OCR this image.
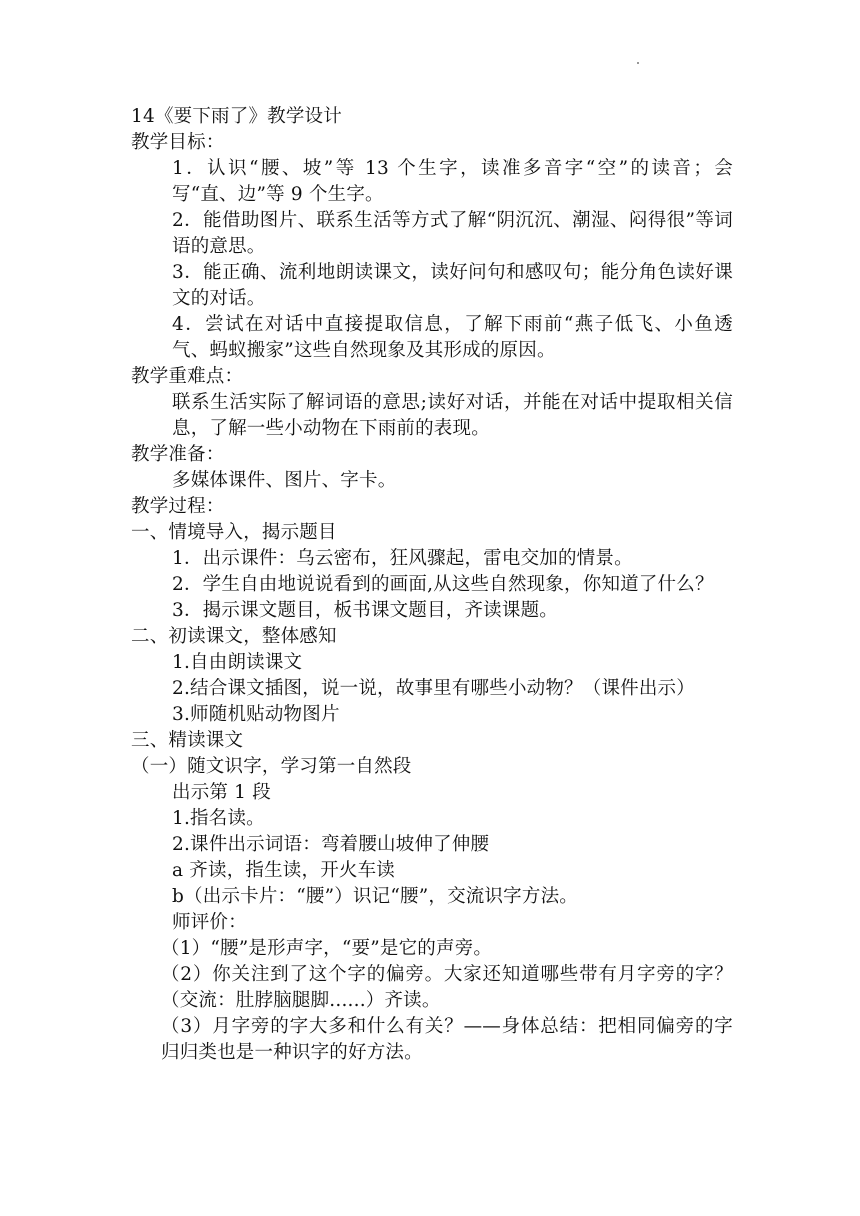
14《要下雨了》教学设计
教学目标：
1．认识“腰、坡”等 13 个生字，读准多音字“空”的读音；会写“直、边”等 9 个生字。
2．能借助图片、联系生活等方式了解“阴沉沉、潮湿、闷得很”等词语的意思。
3．能正确、流利地朗读课文，读好问句和感叹句；能分角色读好课文的对话。
4．尝试在对话中直接提取信息，了解下雨前“燕子低飞、小鱼透气、蚂蚁搬家”这些自然现象及其形成的原因。
教学重难点：
联系生活实际了解词语的意思;读好对话，并能在对话中提取相关信息，了解一些小动物在下雨前的表现。
教学准备：
多媒体课件、图片、字卡。
教学过程：
一、情境导入，揭示题目
1．出示课件：乌云密布，狂风骤起，雷电交加的情景。
2．学生自由地说说看到的画面,从这些自然现象，你知道了什么？
3．揭示课文题目，板书课文题目，齐读课题。
二、初读课文，整体感知
1.自由朗读课文
2.结合课文插图，说一说，故事里有哪些小动物？（课件出示）
3.师随机贴动物图片
三、精读课文
（一）随文识字，学习第一自然段
出示第 1 段
1.指名读。
2.课件出示词语：弯着腰山坡伸了伸腰
a 齐读，指生读，开火车读
b（出示卡片：“腰”）识记“腰”，交流识字方法。
师评价：
（1）“腰”是形声字，“要”是它的声旁。
（2）你关注到了这个字的偏旁。大家还知道哪些带有月字旁的字？（交流：肚脖脑腿脚......）齐读。
（3）月字旁的字大多和什么有关？——身体总结：把相同偏旁的字归归类也是一种识字的好方法。
